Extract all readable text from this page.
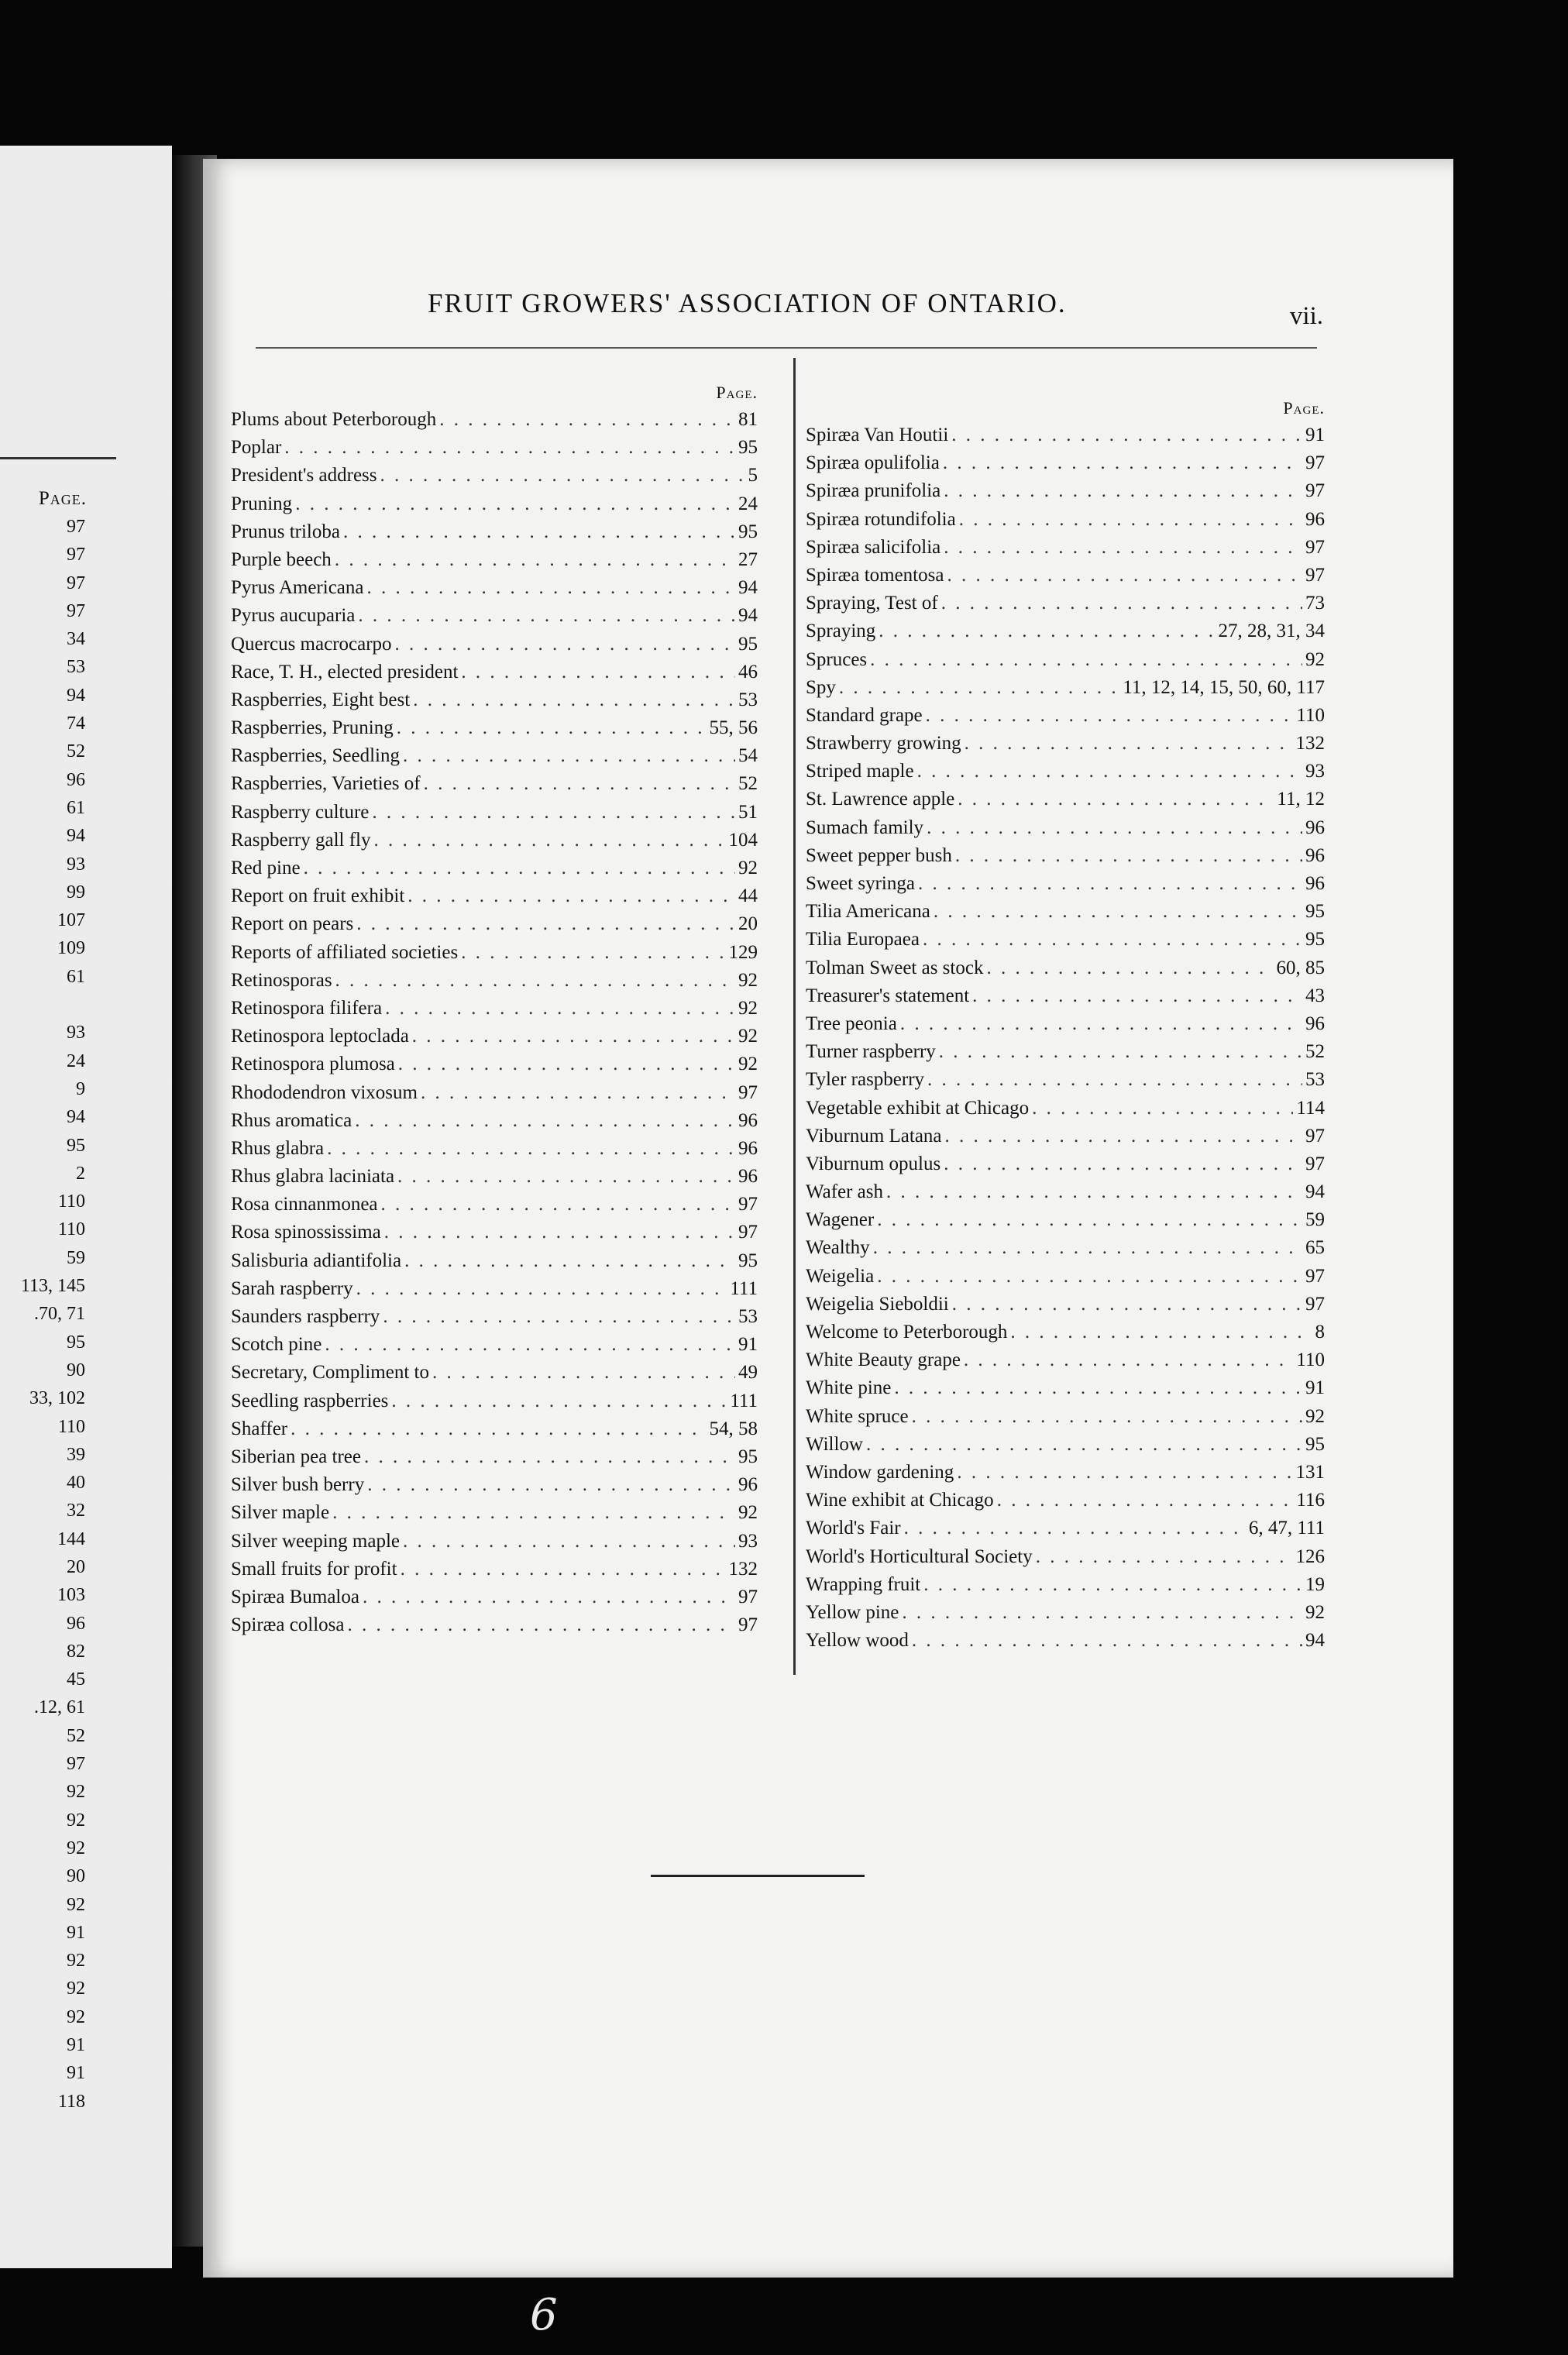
Page.
97
97
97
97
34
53
94
74
52
96
61
94
93
99
107
109
61
93
24
9
94
95
2
110
110
59
113, 145
.70, 71
95
90
33, 102
110
39
40
32
144
20
103
96
82
45
.12, 61
52
97
92
92
92
90
92
91
92
92
92
91
91
118
FRUIT GROWERS' ASSOCIATION OF ONTARIO.	vii.
Page.
Plums about Peterborough . . .	81
Poplar . . .	95
President's address . . .	5
Pruning . . .	24
Prunus triloba . . .	95
Purple beech . . .	27
Pyrus Americana . . .	94
Pyrus aucuparia . . .	94
Quercus macrocarpo . . .	95
Race, T. H., elected president . . .	46
Raspberries, Eight best . . .	53
Raspberries, Pruning . . .	55, 56
Raspberries, Seedling . . .	54
Raspberries, Varieties of . . .	52
Raspberry culture . . .	51
Raspberry gall fly . . .	104
Red pine . . .	92
Report on fruit exhibit . . .	44
Report on pears . . .	20
Reports of affiliated societies . . .	129
Retinosporas . . .	92
Retinospora filifera . . .	92
Retinospora leptoclada . . .	92
Retinospora plumosa . . .	92
Rhododendron vixosum . . .	97
Rhus aromatica . . .	96
Rhus glabra . . .	96
Rhus glabra laciniata . . .	96
Rosa cinnanmonea . . .	97
Rosa spinossissima . . .	97
Salisburia adiantifolia . . .	95
Sarah raspberry . . .	111
Saunders raspberry . . .	53
Scotch pine . . .	91
Secretary, Compliment to . . .	49
Seedling raspberries . . .	111
Shaffer . . .	54, 58
Siberian pea tree . . .	95
Silver bush berry . . .	96
Silver maple . . .	92
Silver weeping maple . . .	93
Small fruits for profit . . .	132
Spiræa Bumaloa . . .	97
Spiræa collosa . . .	97
Page.
Spiræa Van Houtii . . .	91
Spiræa opulifolia . . .	97
Spiræa prunifolia . . .	97
Spiræa rotundifolia . . .	96
Spiræa salicifolia . . .	97
Spiræa tomentosa . . .	97
Spraying, Test of . . .	73
Spraying . . .	27, 28, 31, 34
Spruces . . .	92
Spy . . .	11, 12, 14, 15, 50, 60, 117
Standard grape . . .	110
Strawberry growing . . .	132
Striped maple . . .	93
St. Lawrence apple . . .	11, 12
Sumach family . . .	96
Sweet pepper bush . . .	96
Sweet syringa . . .	96
Tilia Americana . . .	95
Tilia Europaea . . .	95
Tolman Sweet as stock . . .	60, 85
Treasurer's statement . . .	43
Tree peonia . . .	96
Turner raspberry . . .	52
Tyler raspberry . . .	53
Vegetable exhibit at Chicago . . .	114
Viburnum Latana . . .	97
Viburnum opulus . . .	97
Wafer ash . . .	94
Wagener . . .	59
Wealthy . . .	65
Weigelia . . .	97
Weigelia Sieboldii . . .	97
Welcome to Peterborough . . .	8
White Beauty grape . . .	110
White pine . . .	91
White spruce . . .	92
Willow . . .	95
Window gardening . . .	131
Wine exhibit at Chicago . . .	116
World's Fair . . .	6, 47, 111
World's Horticultural Society . . .	126
Wrapping fruit . . .	19
Yellow pine . . .	92
Yellow wood . . .	94
6
